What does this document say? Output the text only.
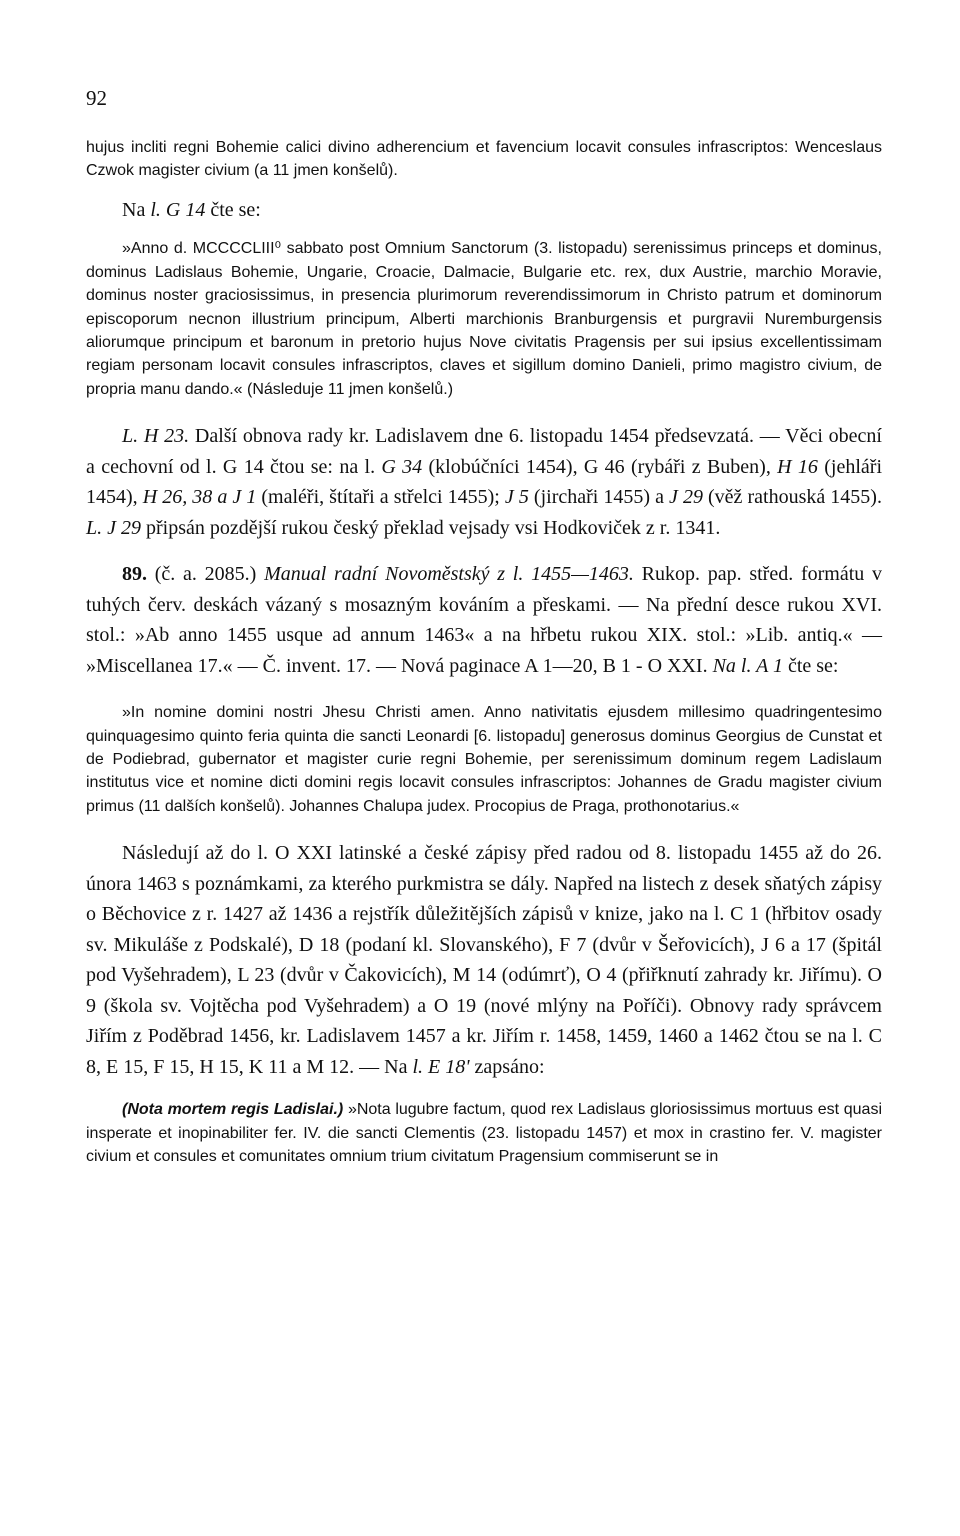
92

hujus incliti regni Bohemie calici divino adherencium et favencium locavit consules infrascriptos: Wenceslaus Czwok magister civium (a 11 jmen konšelů).

Na l. G 14 čte se:

»Anno d. MCCCCLIII⁰ sabbato post Omnium Sanctorum (3. listopadu) serenissimus princeps et dominus, dominus Ladislaus Bohemie, Ungarie, Croacie, Dalmacie, Bulgarie etc. rex, dux Austrie, marchio Moravie, dominus noster graciosissimus, in presencia plurimorum reverendissimorum in Christo patrum et dominorum episcoporum necnon illustrium principum, Alberti marchionis Branburgensis et purgravii Nuremburgensis aliorumque principum et baronum in pretorio hujus Nove civitatis Pragensis per sui ipsius excellentissimam regiam personam locavit consules infrascriptos, claves et sigillum domino Danieli, primo magistro civium, de propria manu dando.« (Následuje 11 jmen konšelů.)

L. H 23. Další obnova rady kr. Ladislavem dne 6. listopadu 1454 předsevzatá. — Věci obecní a cechovní od l. G 14 čtou se: na l. G 34 (klobúčníci 1454), G 46 (rybáři z Buben), H 16 (jehláři 1454), H 26, 38 a J 1 (maléři, štítaři a střelci 1455); J 5 (jirchaři 1455) a J 29 (věž rathouská 1455). L. J 29 připsán pozdější rukou český překlad vejsady vsi Hodkoviček z r. 1341.

89. (č. a. 2085.) Manual radní Novoměstský z l. 1455—1463. Rukop. pap. střed. formátu v tuhých červ. deskách vázaný s mosazným kováním a přeskami. — Na přední desce rukou XVI. stol.: »Ab anno 1455 usque ad annum 1463« a na hřbetu rukou XIX. stol.: »Lib. antiq.« — »Miscellanea 17.« — Č. invent. 17. — Nová paginace A 1—20, B 1 - O XXI. Na l. A 1 čte se:

»In nomine domini nostri Jhesu Christi amen. Anno nativitatis ejusdem millesimo quadringentesimo quinquagesimo quinto feria quinta die sancti Leonardi [6. listopadu] generosus dominus Georgius de Cunstat et de Podiebrad, gubernator et magister curie regni Bohemie, per serenissimum dominum regem Ladislaum institutus vice et nomine dicti domini regis locavit consules infrascriptos: Johannes de Gradu magister civium primus (11 dalších konšelů). Johannes Chalupa judex. Procopius de Praga, prothonotarius.«

Následují až do l. O XXI latinské a české zápisy před radou od 8. listopadu 1455 až do 26. února 1463 s poznámkami, za kterého purkmistra se dály. Napřed na listech z desek sňatých zápisy o Běchovice z r. 1427 až 1436 a rejstřík důležitějších zápisů v knize, jako na l. C 1 (hřbitov osady sv. Mikuláše z Podskalé), D 18 (podaní kl. Slovanského), F 7 (dvůr v Šeřovicích), J 6 a 17 (špitál pod Vyšehradem), L 23 (dvůr v Čakovicích), M 14 (odúmrť), O 4 (přiřknutí zahrady kr. Jiřímu). O 9 (škola sv. Vojtěcha pod Vyšehradem) a O 19 (nové mlýny na Poříči). Obnovy rady správcem Jiřím z Poděbrad 1456, kr. Ladislavem 1457 a kr. Jiřím r. 1458, 1459, 1460 a 1462 čtou se na l. C 8, E 15, F 15, H 15, K 11 a M 12. — Na l. E 18' zapsáno:

(Nota mortem regis Ladislai.) »Nota lugubre factum, quod rex Ladislaus gloriosissimus mortuus est quasi insperate et inopinabiliter fer. IV. die sancti Clementis (23. listopadu 1457) et mox in crastino fer. V. magister civium et consules et comunitates omnium trium civitatum Pragensium commiserunt se in
